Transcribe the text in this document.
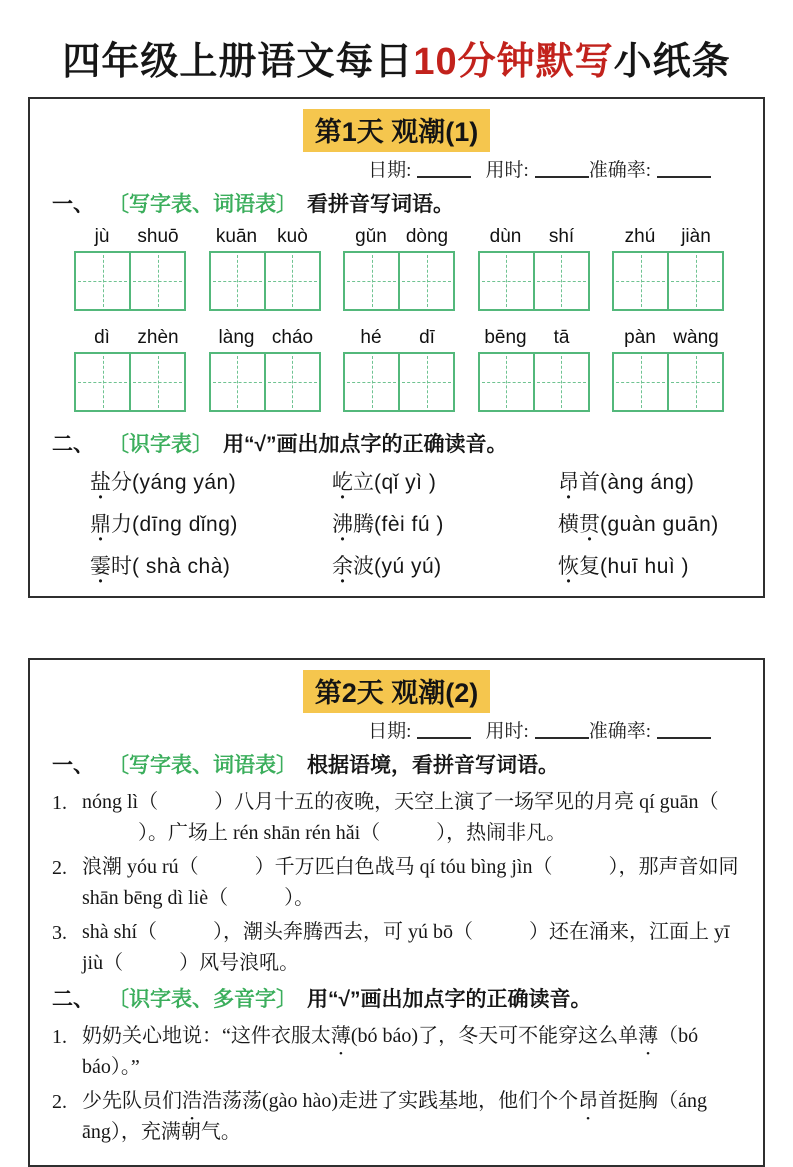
四年级上册语文每日10分钟默写小纸条
第1天 观潮(1)
日期:	用时:	准确率:
一、 〔写字表、词语表〕 看拼音写词语。
jù	shuō	kuān	kuò	gǔn	dòng	dùn	shí	zhú	jiàn
dì	zhèn	làng cháo	hé	dī	bēng	tā	pàn wàng
二、 〔识字表〕 用“√”画出加点字的正确读音。
盐分(yáng yán)	屹立(qǐ yì )	昂首(àng áng)
鼎力(dīng dǐng)	沸腾(fèi fú )	横贯(guàn guān)
霎时( shà chà)	余波(yú yú)	恢复(huī huì )
第2天 观潮(2)
日期:	用时:	准确率:
一、 〔写字表、词语表〕 根据语境，看拼音写词语。
1. nóng lì（	）八月十五的夜晚，天空上演了一场罕见的月亮 qí guān（）。广场上 rén shān rén hǎi（	），热闹非凡。
2. 浪潮 yóu rú（	）千万匹白色战马 qí tóu bìng jìn（	），那声音如同 shān bēng dì liè（	）。
3. shà shí（	），潮头奔腾西去，可 yú bō（	）还在涌来，江面上 yī jiù（	）风号浪吼。
二、 〔识字表、多音字〕 用“√”画出加点字的正确读音。
1. 奶奶关心地说：“这件衣服太薄(bó báo)了，冬天可不能穿这么单薄（bó báo）。”
2. 少先队员们浩浩荡荡(gào hào)走进了实践基地，他们个个昂首挺胸（áng āng），充满朝气。
